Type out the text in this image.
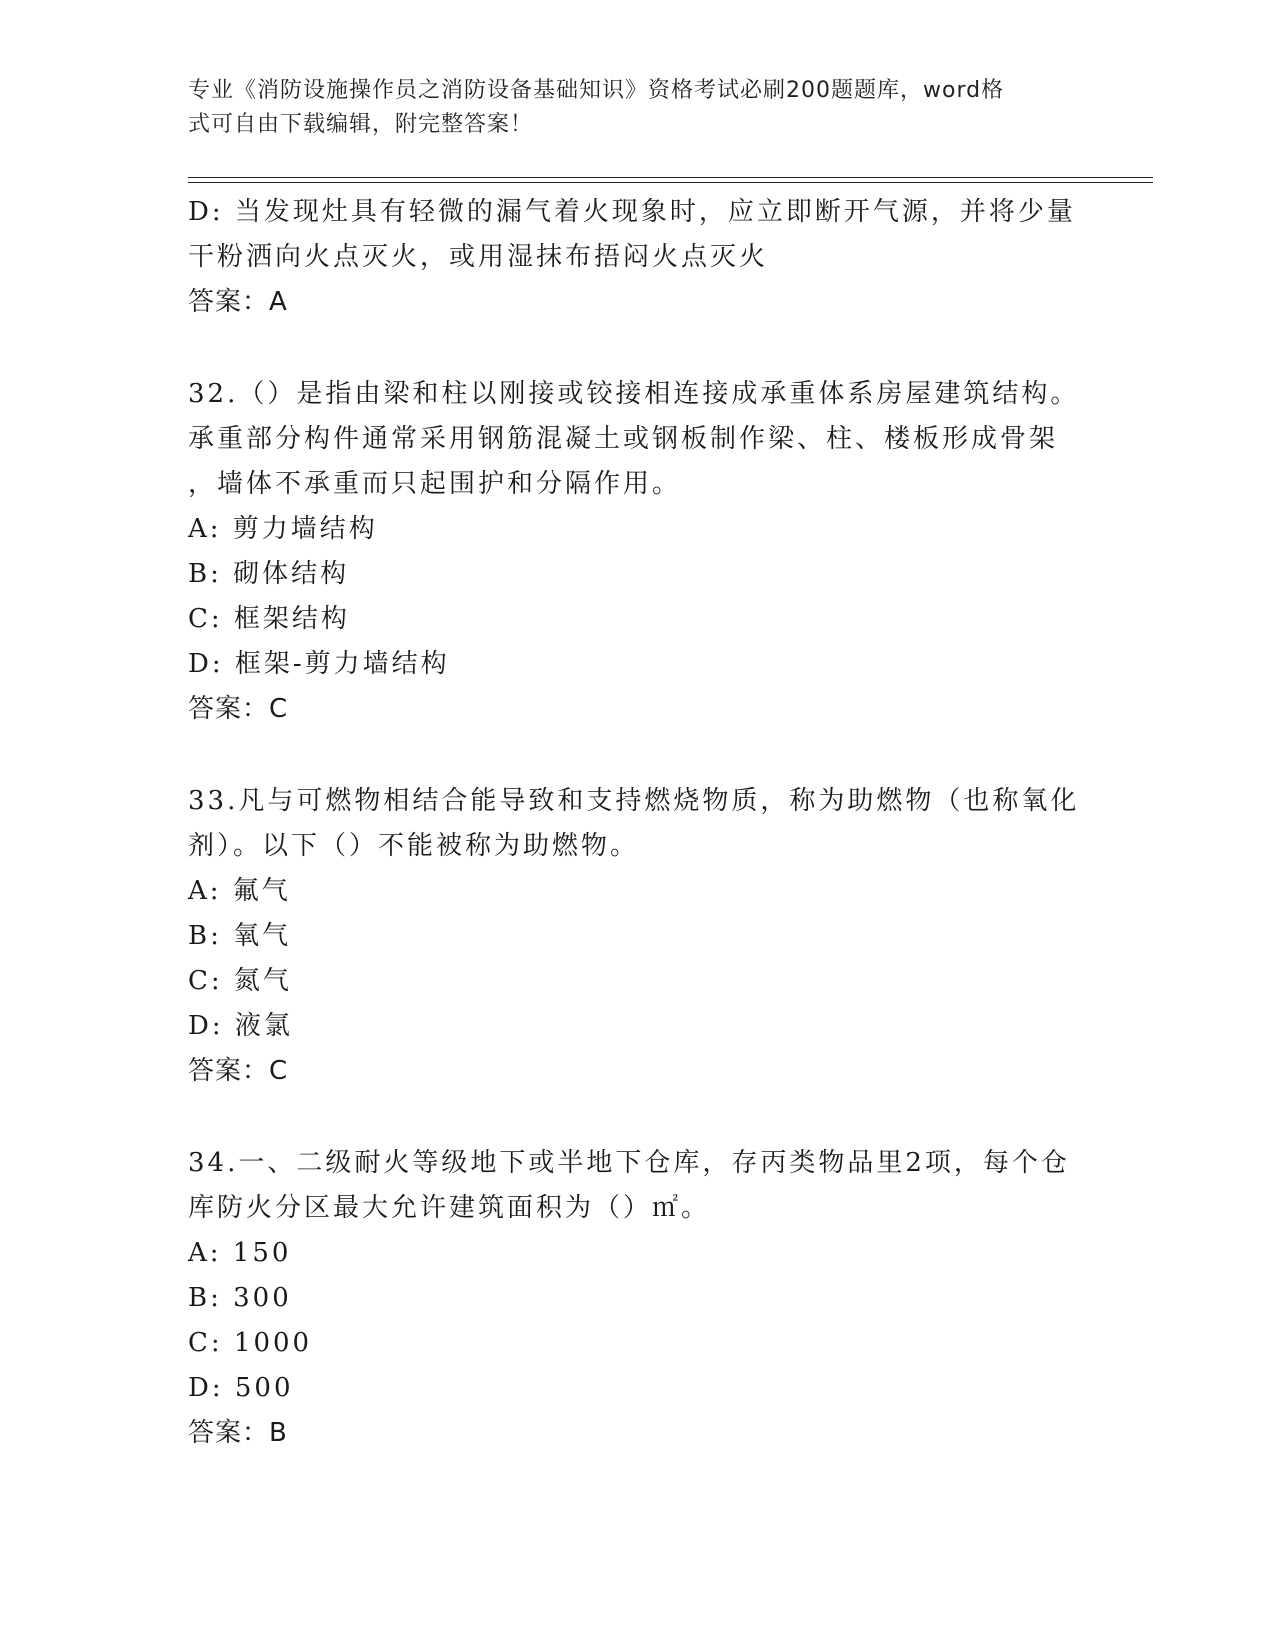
专业《消防设施操作员之消防设备基础知识》资格考试必刷200题题库，word格
式可自由下载编辑，附完整答案！
D: 当发现灶具有轻微的漏气着火现象时，应立即断开气源，并将少量
干粉洒向火点灭火，或用湿抹布捂闷火点灭火
答案：A
32.（）是指由梁和柱以刚接或铰接相连接成承重体系房屋建筑结构。
承重部分构件通常采用钢筋混凝土或钢板制作梁、柱、楼板形成骨架
，墙体不承重而只起围护和分隔作用。
A: 剪力墙结构
B: 砌体结构
C: 框架结构
D: 框架-剪力墙结构
答案：C
33.凡与可燃物相结合能导致和支持燃烧物质，称为助燃物（也称氧化
剂）。以下（）不能被称为助燃物。
A: 氟气
B: 氧气
C: 氮气
D: 液氯
答案：C
34.一、二级耐火等级地下或半地下仓库，存丙类物品里2项，每个仓
库防火分区最大允许建筑面积为（）㎡。
A: 150
B: 300
C: 1000
D: 500
答案：B
